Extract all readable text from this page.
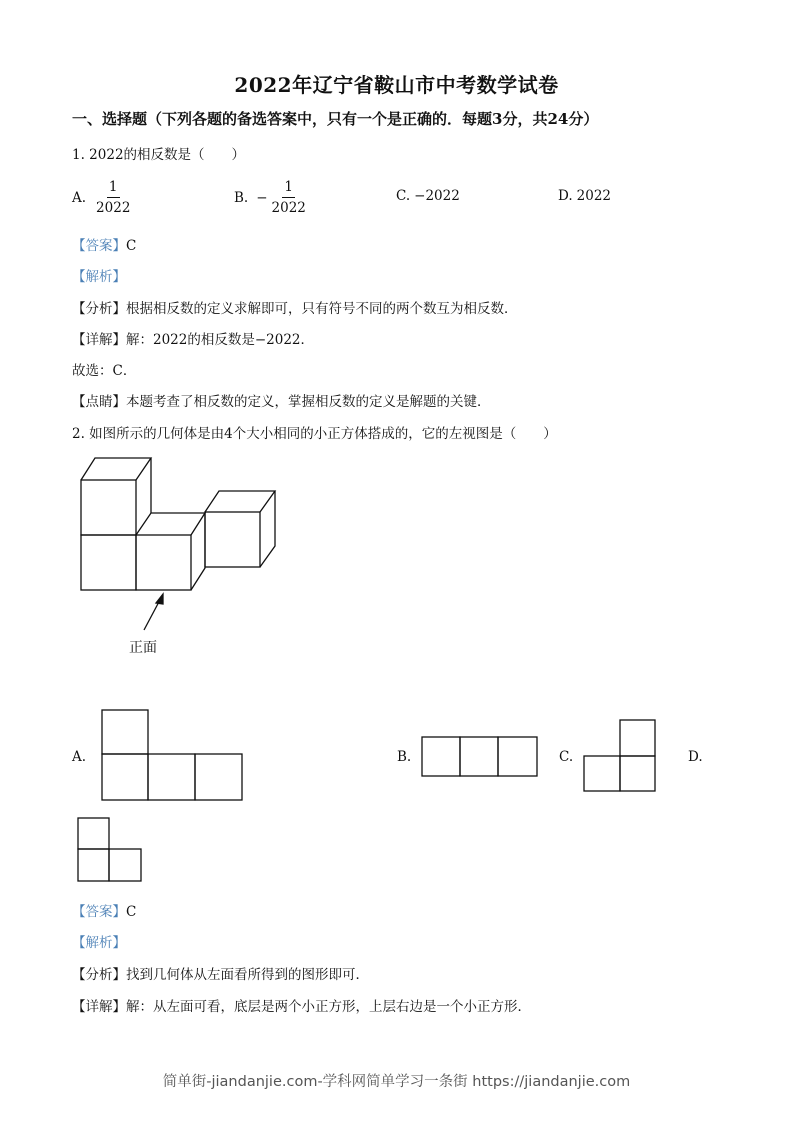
2022年辽宁省鞍山市中考数学试卷
一、选择题（下列各题的备选答案中，只有一个是正确的．每题3分，共24分）
1. 2022的相反数是（　　）
A. $\frac{1}{2022}$	B. − $\frac{1}{2022}$	C. −2022	D. 2022
【答案】C
【解析】
【分析】根据相反数的定义求解即可，只有符号不同的两个数互为相反数．
【详解】解：2022的相反数是−2022．
故选：C．
【点睛】本题考查了相反数的定义，掌握相反数的定义是解题的关键．
2. 如图所示的几何体是由4个大小相同的小正方体搭成的，它的左视图是（　　）
正面
A.	B.	C.	D.
【答案】C
【解析】
【分析】找到几何体从左面看所得到的图形即可．
【详解】解：从左面可看，底层是两个小正方形，上层右边是一个小正方形．
简单街-jiandanjie.com-学科网简单学习一条街 https://jiandanjie.com
